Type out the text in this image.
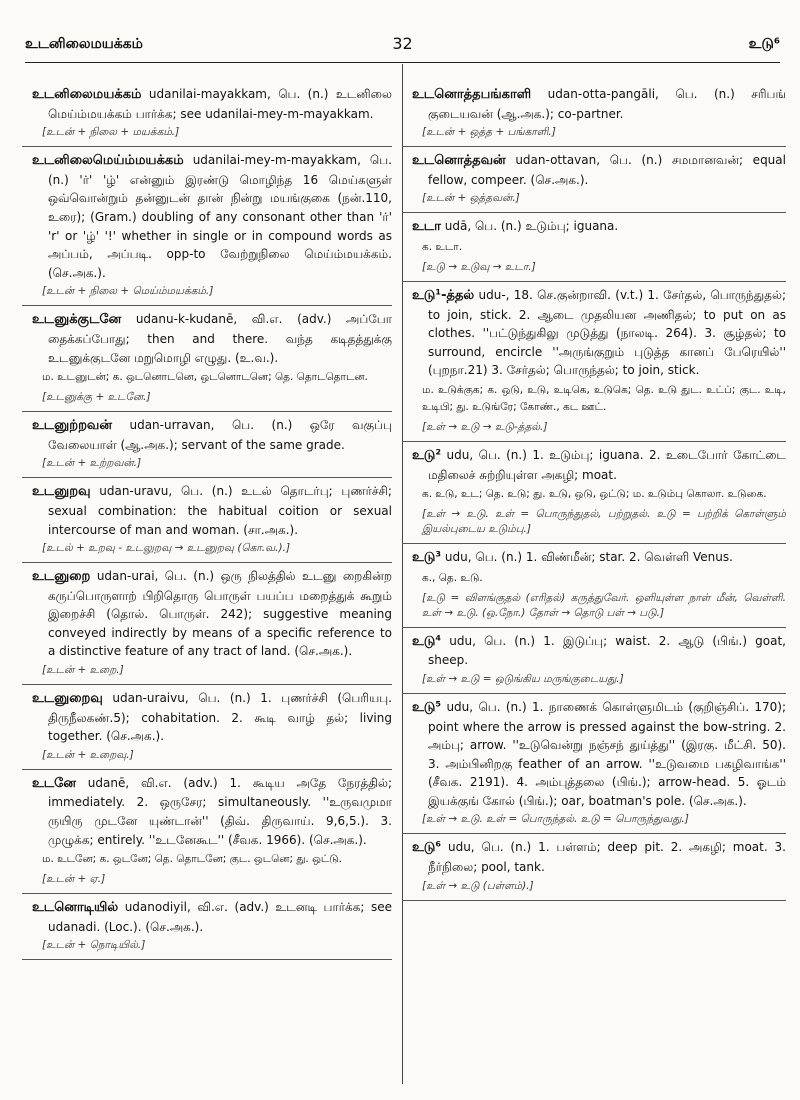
உடனிலைமயக்கம்	32	உடு⁶
உடனிலைமயக்கம் udanilai-mayakkam, பெ. (n.) உடனிலை மெய்ம்மயக்கம் பார்க்க; see udanilai-mey-m-mayakkam.
[உடன் + நிலை + மயக்கம்.]
உடனிலைமெய்ம்மயக்கம் udanilai-mey-m-mayakkam, பெ. (n.) 'ர்' 'ழ்' என்னும் இரண்டு மொழிந்த 16 மெய்களுள் ஒவ்வொன்றும் தன்னுடன் தான் நின்று மயங்குகை (நன்.110, உரை); (Gram.) doubling of any consonant other than 'ர்' 'r' or 'ழ்' '!' whether in single or in compound words as அப்பம், அப்படி. opp-to வேற்றுநிலை மெய்ம்மயக்கம். (செ.அக.).
[உடன் + நிலை + மெய்ம்மயக்கம்.]
உடனுக்குடனே udanu-k-kudanē, வி.எ. (adv.) அப்போ தைக்கப்போது; then and there. வந்த கடிதத்துக்கு உடனுக்குடனே மறுமொழி எழுது. (உ.வ.).
ம. உடனுடன்; க. ஒடனொடனெ, ஒடனொடனெ; தெ. தொடதொடன.
[உடனுக்கு + உடனே.]
உடனுற்றவன் udan-urravan, பெ. (n.) ஒரே வகுப்பு வேலையாள் (ஆ.அக.); servant of the same grade.
[உடன் + உற்றவன்.]
உடனுறவு udan-uravu, பெ. (n.) உடல் தொடர்பு; புணர்ச்சி; sexual combination: the habitual coition or sexual intercourse of man and woman. (சா.அக.).
[உடல் + உறவு - உடலுறவு → உடனுறவு (கொ.வ.).]
உடனுறை udan-urai, பெ. (n.) ஒரு நிலத்தில் உடனு றைகின்ற கருப்பொருளாற் பிறிதொரு பொருள் பயப்ப மறைத்துக் கூறும் இறைச்சி (தொல். பொருள். 242); suggestive meaning conveyed indirectly by means of a specific reference to a distinctive feature of any tract of land. (செ.அக.).
[உடன் + உறை.]
உடனுறைவு udan-uraivu, பெ. (n.) 1. புணர்ச்சி (பெரியபு. திருநீலகண்.5); cohabitation. 2. கூடி வாழ் தல்; living together. (செ.அக.).
[உடன் + உறைவு.]
உடனே udanē, வி.எ. (adv.) 1. கூடிய அதே நேரத்தில்; immediately. 2. ஒருசேர; simultaneously. ''உருவமுமா ருயிரு முடனே யுண்டான்'' (திவ். திருவாய். 9,6,5.). 3. முழுக்க; entirely. ''உடனேகூட'' (சீவக. 1966). (செ.அக.).
ம. உடனே; க. ஒடனே; தெ. தொடனே; குட. ஒடனெ; து. ஒட்டு.
[உடன் + ஏ.]
உடனொடியில் udanodiyil, வி.எ. (adv.) உடனடி பார்க்க; see udanadi. (Loc.). (செ.அக.).
[உடன் + நொடியில்.]
உடனொத்தபங்காளி udan-otta-pangāli, பெ. (n.) சரிபங் குடையவன் (ஆ.அக.); co-partner.
[உடன் + ஒத்த + பங்காளி.]
உடனொத்தவன் udan-ottavan, பெ. (n.) சமமானவன்; equal fellow, compeer. (செ.அக.).
[உடன் + ஒத்தவன்.]
உடா udā, பெ. (n.) உடும்பு; iguana.
க. உடா.
[உடு → உடுவு → உடா.]
உடு¹-த்தல் udu-, 18. செ.குன்றாவி. (v.t.) 1. சேர்தல், பொருந்துதல்; to join, stick. 2. ஆடை முதலியன அணிதல்; to put on as clothes. ''பட்டுந்துகிலு முடுத்து (நாலடி. 264). 3. சூழ்தல்; to surround, encircle ''அருங்குறும் புடுத்த கானப் பேரெயில்'' (புறநா.21) 3. சேர்தல்; பொருந்தல்; to join, stick.
ம. உடுக்குக; க. ஒடு, உடு, உடிகெ, உடுகெ; தெ. உடு துட. உட்ப்; குட. உடி, உடிபி; து. உடுங்ரே; கோண்., கட ஊட்.
[உள் → உடு → உடு-த்தல்.]
உடு² udu, பெ. (n.) 1. உடும்பு; iguana. 2. உடைபோர் கோட்டை மதிலைச் சுற்றியுள்ள அகழி; moat.
க. உடு, உட; தெ. உடு; து. உடு, ஒடு, ஒட்டு; ம. உடும்பு கொலா. உடுகை.
[உள் → உடு. உள் = பொருந்துதல், பற்றுதல். உடு = பற்றிக் கொள்ளும் இயல்புடைய உடும்பு.]
உடு³ udu, பெ. (n.) 1. விண்மீன்; star. 2. வெள்ளி Venus.
க., தெ. உடு.
[உடு = விளங்குதல் (எரிதல்) கருத்துவேர். ஒளியுள்ள நாள் மீன், வெள்ளி. உள் → உடு. (ஒ.நோ.) தோள் → தொடு பள் → படு.]
உடு⁴ udu, பெ. (n.) 1. இடுப்பு; waist. 2. ஆடு (பிங்.) goat, sheep.
[உள் → உடு = ஒடுங்கிய மருங்குடையது.]
உடு⁵ udu, பெ. (n.) 1. நாணைக் கொள்ளுமிடம் (குறிஞ்சிப். 170); point where the arrow is pressed against the bow-string. 2. அம்பு; arrow. ''உடுவென்று நஞ்சந் துய்த்து'' (இரகு. மீட்சி. 50). 3. அம்பினிறகு feather of an arrow. ''உடுவமை பகழிவாங்க'' (சீவக. 2191). 4. அம்புத்தலை (பிங்.); arrow-head. 5. ஓடம் இயக்குங் கோல் (பிங்.); oar, boatman's pole. (செ.அக.).
[உள் → உடு. உள் = பொருந்தல். உடு = பொருந்துவது.]
உடு⁶ udu, பெ. (n.) 1. பள்ளம்; deep pit. 2. அகழி; moat. 3. நீர்நிலை; pool, tank.
[உள் → உடு (பள்ளம்).]
